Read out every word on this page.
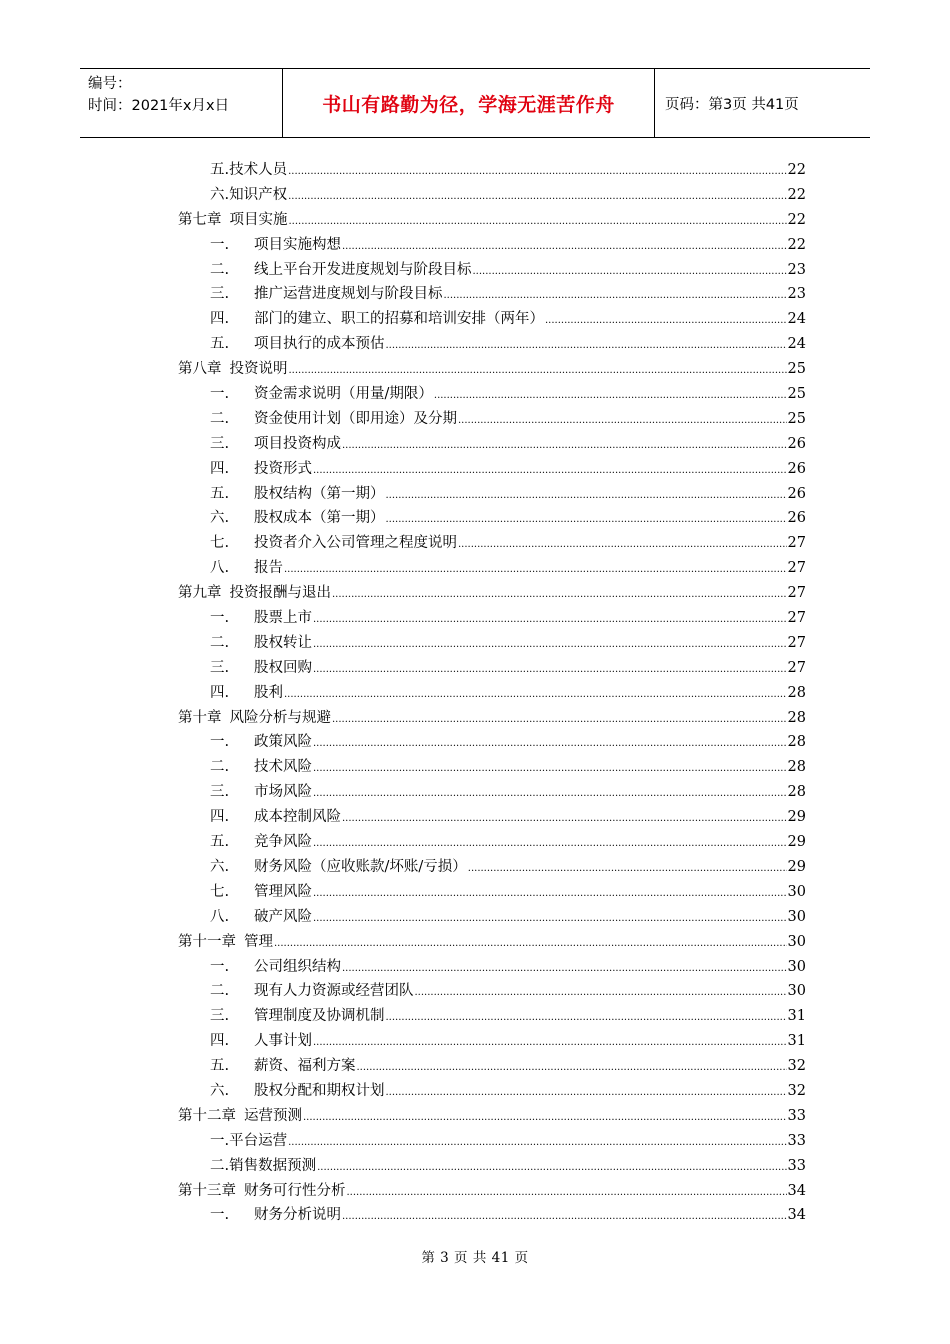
编号：
时间：2021年x月x日	书山有路勤为径，学海无涯苦作舟	页码：第3页 共41页
五.技术人员 .....	22
六.知识产权 .....	22
第七章 项目实施 .....	22
一. 项目实施构想 .....	22
二. 线上平台开发进度规划与阶段目标 .....	23
三. 推广运营进度规划与阶段目标 .....	23
四. 部门的建立、职工的招募和培训安排（两年） .....	24
五. 项目执行的成本预估 .....	24
第八章 投资说明 .....	25
一. 资金需求说明（用量/期限） .....	25
二. 资金使用计划（即用途）及分期 .....	25
三. 项目投资构成 .....	26
四. 投资形式 .....	26
五. 股权结构（第一期） .....	26
六. 股权成本（第一期） .....	26
七. 投资者介入公司管理之程度说明 .....	27
八. 报告 .....	27
第九章 投资报酬与退出 .....	27
一. 股票上市 .....	27
二. 股权转让 .....	27
三. 股权回购 .....	27
四. 股利 .....	28
第十章 风险分析与规避 .....	28
一. 政策风险 .....	28
二. 技术风险 .....	28
三. 市场风险 .....	28
四. 成本控制风险 .....	29
五. 竞争风险 .....	29
六. 财务风险（应收账款/坏账/亏损） .....	29
七. 管理风险 .....	30
八. 破产风险 .....	30
第十一章 管理 .....	30
一. 公司组织结构 .....	30
二. 现有人力资源或经营团队 .....	30
三. 管理制度及协调机制 .....	31
四. 人事计划 .....	31
五. 薪资、福利方案 .....	32
六. 股权分配和期权计划 .....	32
第十二章 运营预测 .....	33
一.平台运营 .....	33
二.销售数据预测 .....	33
第十三章 财务可行性分析 .....	34
一. 财务分析说明 .....	34
第 3 页 共 41 页
